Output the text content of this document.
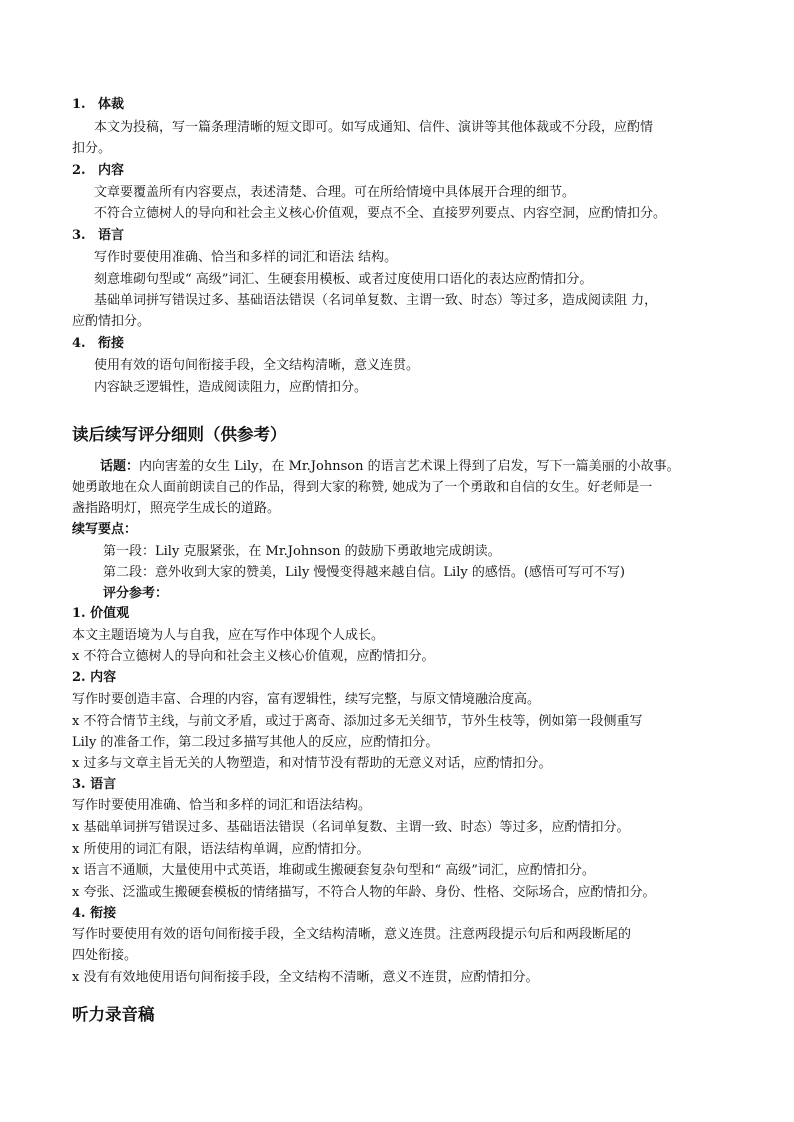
1. 体裁
本文为投稿，写一篇条理清晰的短文即可。如写成通知、信件、演讲等其他体裁或不分段，应酌情
扣分。
2. 内容
文章要覆盖所有内容要点，表述清楚、合理。可在所给情境中具体展开合理的细节。
不符合立德树人的导向和社会主义核心价值观，要点不全、直接罗列要点、内容空洞，应酌情扣分。
3. 语言
写作时要使用准确、恰当和多样的词汇和语法 结构。
刻意堆砌句型或“ 高级”词汇、生硬套用模板、或者过度使用口语化的表达应酌情扣分。
基础单词拼写错误过多、基础语法错误（名词单复数、主谓一致、时态）等过多，造成阅读阻 力，
应酌情扣分。
4. 衔接
使用有效的语句间衔接手段，全文结构清晰，意义连贯。
内容缺乏逻辑性，造成阅读阻力，应酌情扣分。
读后续写评分细则（供参考）
话题：内向害羞的女生 Lily，在 Mr.Johnson 的语言艺术课上得到了启发，写下一篇美丽的小故事。
她勇敢地在众人面前朗读自己的作品，得到大家的称赞, 她成为了一个勇敢和自信的女生。好老师是一
盏指路明灯，照亮学生成长的道路。
续写要点：
第一段：Lily 克服紧张，在 Mr.Johnson 的鼓励下勇敢地完成朗读。
第二段：意外收到大家的赞美，Lily 慢慢变得越来越自信。Lily 的感悟。(感悟可写可不写)
评分参考：
1. 价值观
本文主题语境为人与自我，应在写作中体现个人成长。
x 不符合立德树人的导向和社会主义核心价值观，应酌情扣分。
2. 内容
写作时要创造丰富、合理的内容，富有逻辑性，续写完整，与原文情境融洽度高。
x 不符合情节主线，与前文矛盾，或过于离奇、添加过多无关细节，节外生枝等，例如第一段侧重写
Lily 的准备工作，第二段过多描写其他人的反应，应酌情扣分。
x 过多与文章主旨无关的人物塑造，和对情节没有帮助的无意义对话，应酌情扣分。
3. 语言
写作时要使用准确、恰当和多样的词汇和语法结构。
x 基础单词拼写错误过多、基础语法错误（名词单复数、主谓一致、时态）等过多，应酌情扣分。
x 所使用的词汇有限，语法结构单调，应酌情扣分。
x 语言不通顺，大量使用中式英语，堆砌或生搬硬套复杂句型和“ 高级”词汇，应酌情扣分。
x 夸张、泛滥或生搬硬套模板的情绪描写，不符合人物的年龄、身份、性格、交际场合，应酌情扣分。
4. 衔接
写作时要使用有效的语句间衔接手段，全文结构清晰，意义连贯。注意两段提示句后和两段断尾的
四处衔接。
x 没有有效地使用语句间衔接手段，全文结构不清晰，意义不连贯，应酌情扣分。
听力录音稿
